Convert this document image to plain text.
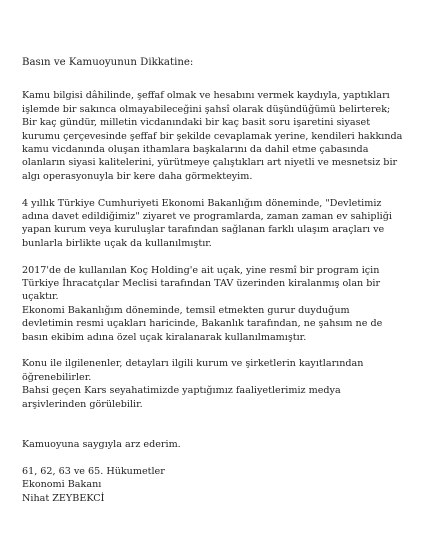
Basın ve Kamuoyunun Dikkatine:

Kamu bilgisi dâhilinde, şeffaf olmak ve hesabını vermek kaydıyla, yaptıkları
işlemde bir sakınca olmayabileceğini şahsî olarak düşündüğümü belirterek;
Bir kaç gündür, milletin vicdanındaki bir kaç basit soru işaretini siyaset
kurumu çerçevesinde şeffaf bir şekilde cevaplamak yerine, kendileri hakkında
kamu vicdanında oluşan ithamlara başkalarını da dahil etme çabasında
olanların siyasi kalitelerini, yürütmeye çalıştıkları art niyetli ve mesnetsiz bir
algı operasyonuyla bir kere daha görmekteyim.
4 yıllık Türkiye Cumhuriyeti Ekonomi Bakanlığım döneminde, "Devletimiz
adına davet edildiğimiz" ziyaret ve programlarda, zaman zaman ev sahipliği
yapan kurum veya kuruluşlar tarafından sağlanan farklı ulaşım araçları ve
bunlarla birlikte uçak da kullanılmıştır.
2017'de de kullanılan Koç Holding'e ait uçak, yine resmî bir program için
Türkiye İhracatçılar Meclisi tarafından TAV üzerinden kiralanmış olan bir
uçaktır.
Ekonomi Bakanlığım döneminde, temsil etmekten gurur duyduğum
devletimin resmi uçakları haricinde, Bakanlık tarafından, ne şahsım ne de
basın ekibim adına özel uçak kiralanarak kullanılmamıştır.
Konu ile ilgilenenler, detayları ilgili kurum ve şirketlerin kayıtlarından
öğrenebilirler.
Bahsi geçen Kars seyahatimizde yaptığımız faaliyetlerimiz medya
arşivlerinden görülebilir.
Kamuoyuna saygıyla arz ederim.
61, 62, 63 ve 65. Hükumetler
Ekonomi Bakanı
Nihat ZEYBEKCİ
